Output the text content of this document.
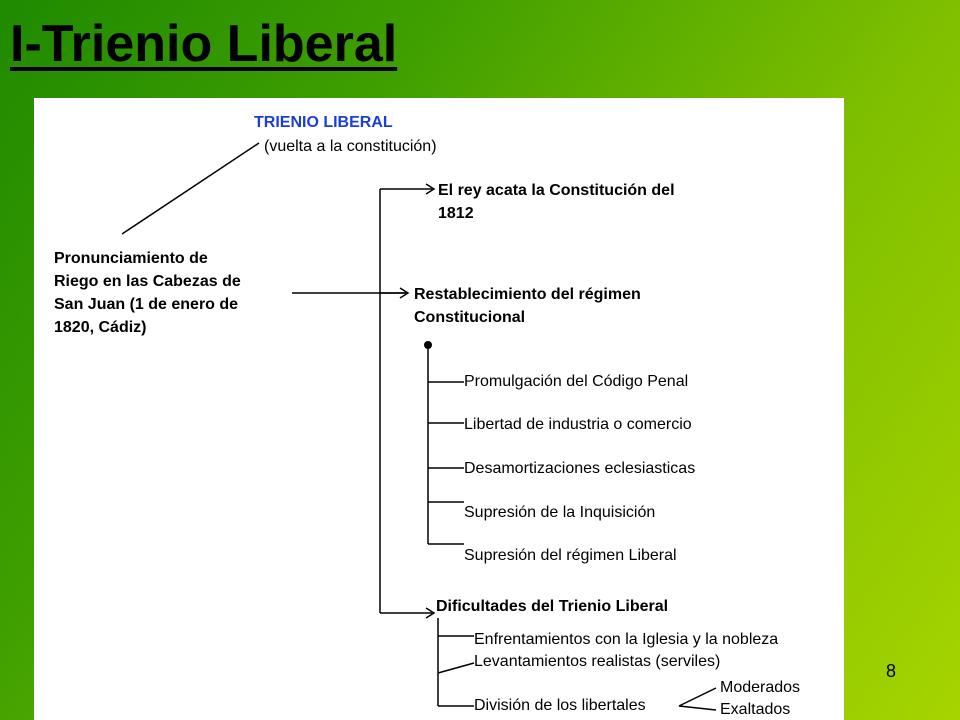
I-Trienio Liberal
TRIENIO LIBERAL
(vuelta a la constitución)
Pronunciamiento de
Riego en las Cabezas de
San Juan (1 de enero de
1820, Cádiz)
El rey acata la Constitución del
1812
Restablecimiento del régimen
Constitucional
Promulgación del Código Penal
Libertad de industria o comercio
Desamortizaciones eclesiasticas
Supresión de la Inquisición
Supresión del régimen Liberal
Dificultades del Trienio Liberal
Enfrentamientos con la Iglesia y la nobleza
Levantamientos realistas (serviles)
División de los libertales
Moderados
Exaltados
8
